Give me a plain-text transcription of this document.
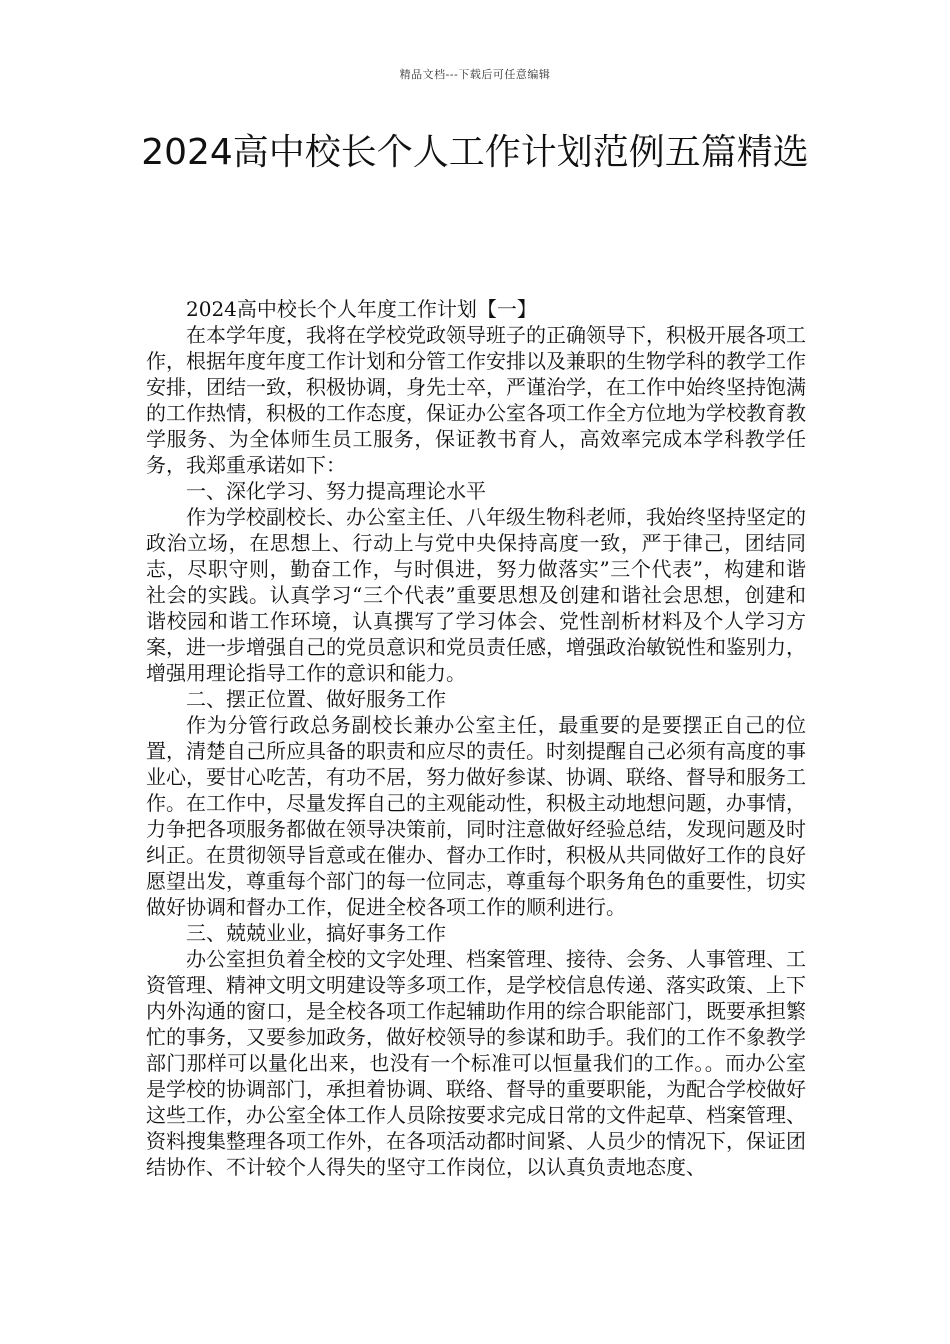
精品文档---下载后可任意编辑
2024高中校长个人工作计划范例五篇精选

2024高中校长个人年度工作计划【一】

在本学年度，我将在学校党政领导班子的正确领导下，积极开展各项工作，根据年度年度工作计划和分管工作安排以及兼职的生物学科的教学工作安排，团结一致，积极协调，身先士卒，严谨治学，在工作中始终坚持饱满的工作热情，积极的工作态度，保证办公室各项工作全方位地为学校教育教学服务、为全体师生员工服务，保证教书育人，高效率完成本学科教学任务，我郑重承诺如下：

一、深化学习、努力提高理论水平

作为学校副校长、办公室主任、八年级生物科老师，我始终坚持坚定的政治立场，在思想上、行动上与党中央保持高度一致，严于律己，团结同志，尽职守则，勤奋工作，与时俱进，努力做落实”三个代表”，构建和谐社会的实践。认真学习“三个代表”重要思想及创建和谐社会思想，创建和谐校园和谐工作环境，认真撰写了学习体会、党性剖析材料及个人学习方案，进一步增强自己的党员意识和党员责任感，增强政治敏锐性和鉴别力，增强用理论指导工作的意识和能力。

二、摆正位置、做好服务工作

作为分管行政总务副校长兼办公室主任，最重要的是要摆正自己的位置，清楚自己所应具备的职责和应尽的责任。时刻提醒自己必须有高度的事业心，要甘心吃苦，有功不居，努力做好参谋、协调、联络、督导和服务工作。在工作中，尽量发挥自己的主观能动性，积极主动地想问题，办事情，力争把各项服务都做在领导决策前，同时注意做好经验总结，发现问题及时纠正。在贯彻领导旨意或在催办、督办工作时，积极从共同做好工作的良好愿望出发，尊重每个部门的每一位同志，尊重每个职务角色的重要性，切实做好协调和督办工作，促进全校各项工作的顺利进行。

三、兢兢业业，搞好事务工作

办公室担负着全校的文字处理、档案管理、接待、会务、人事管理、工资管理、精神文明文明建设等多项工作，是学校信息传递、落实政策、上下内外沟通的窗口，是全校各项工作起辅助作用的综合职能部门，既要承担繁忙的事务，又要参加政务，做好校领导的参谋和助手。我们的工作不象教学部门那样可以量化出来，也没有一个标准可以恒量我们的工作。。而办公室是学校的协调部门，承担着协调、联络、督导的重要职能，为配合学校做好这些工作，办公室全体工作人员除按要求完成日常的文件起草、档案管理、资料搜集整理各项工作外，在各项活动都时间紧、人员少的情况下，保证团结协作、不计较个人得失的坚守工作岗位，以认真负责地态度、
